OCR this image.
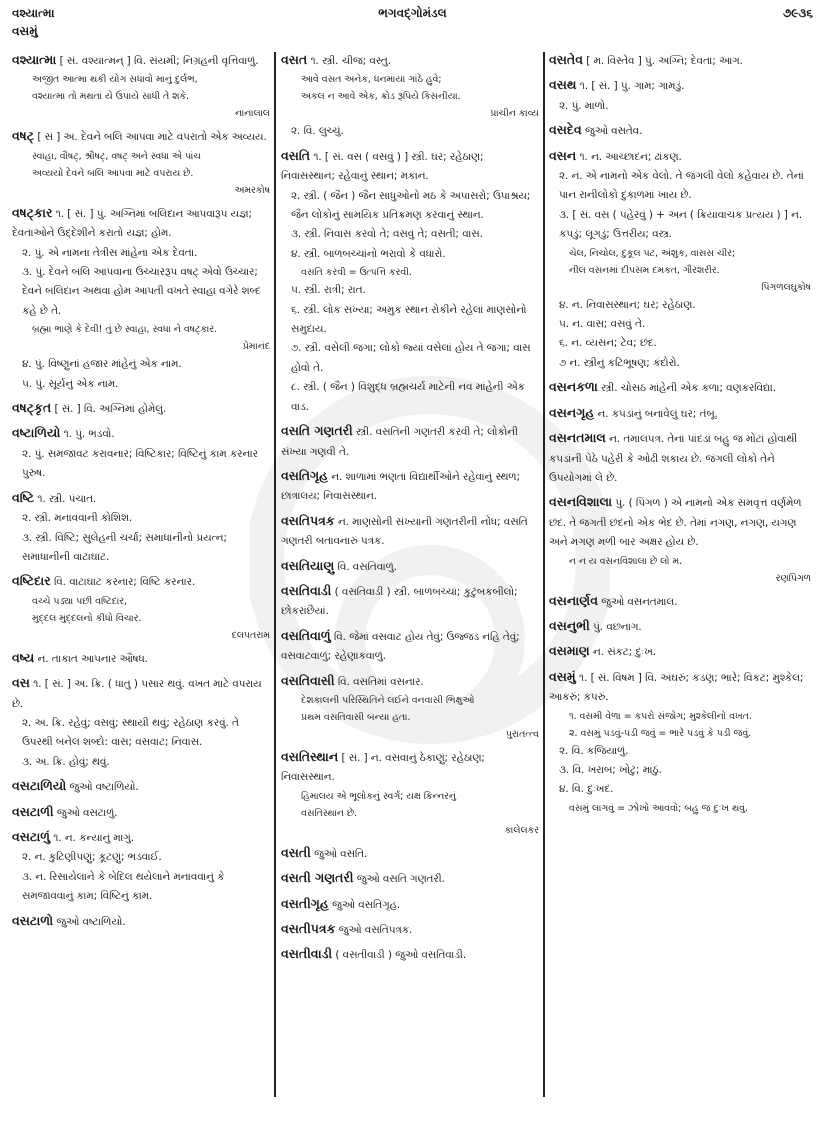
વશ્યાત્મા	ભગવદ્ગોમંડલ	૭૯૩૬
વસમું
વશ્યાત્મા [ સં. વશ્યાત્મન્ ] વિ. સંયમી; નિગ્રહની વૃત્તિવાળું.
અજીત આત્મા થકી યોગ સધાવો માનું દુર્લભ,
વશ્યાત્મા તો મથતાં યે ઉપાયે સાધી તે શકે.
નાનાલાલ
વષટ્ [ સં ] અ. દેવને બલિ આપવા માટે વપરાતો એક અવ્યય.
સ્વાહા, વૌષટ્, શ્રૌષટ્, વષટ્ અને સ્વધા એ પાંચ
અવ્યયો દેવને બલિ આપવા માટે વપરાય છે.
અમરકોષ
વષટ્કાર ૧. [ સં. ] પું. અગ્નિમાં બલિદાન આપવારૂપ યજ્ઞ; દેવતાઓને ઉદ્દેશીને કરાતો યજ્ઞ; હોમ.
૨. પું. એ નામના તેત્રીસ માંહેના એક દેવતા.
૩. પું. દેવને બલિ આપવાના ઉચ્ચારરૂપ વષટ્ એવો ઉચ્ચાર; દેવને બલિદાન અથવા હોમ આપતી વખતે સ્વાહા વગેરે શબ્દ કહે છે તે.
બ્રહ્મા ભાણે કે દેવી! તું છે સ્વાહા, સ્વધા ને વષટ્કાર.
પ્રેમાનંદ
૪. પું. વિષ્ણુનાં હજાર માંહેનું એક નામ.
૫. પું. સૂર્યનું એક નામ.
વષટ્કૃત [ સં. ] વિ. અગ્નિમાં હોમેલું.
વષ્ટાળિયો ૧. પું. ભડવો.
૨. પું. સમજાવટ કરાવનાર; વિષ્ટિકાર; વિષ્ટિનું કામ કરનાર પુરુષ.
વષ્ટિ ૧. સ્ત્રી. પંચાત.
૨. સ્ત્રી. મનાવવાની કોશિશ.
૩. સ્ત્રી. વિષ્ટિ; સુલેહની ચર્ચા; સમાધાનીનો પ્રયત્ન; સમાધાનીની વાટાઘાટ.
વષ્ટિદાર વિ. વાટાઘાટ કરનાર; વિષ્ટિ કરનાર.
વચ્ચે પડ્યા પછી વષ્ટિદાર,
મુદ્દલ મુદ્દલનો કીધો વિચાર.
દલપતરામ
વષ્ય ન. તાકાત આપનાર ઔષધ.
વસ ૧. [ સં. ] અ. ક્રિ. ( ધાતુ ) પસાર થવું. વખત માટે વપરાય છે.
૨. અ. ક્રિ. રહેવું; વસવું; સ્થાયી થવું; રહેઠાણ કરવું. તે ઉપરથી બનેલ શબ્દો: વાસ; વસવાટ; નિવાસ.
૩. અ. ક્રિ. હોવું; થવું.
વસટાળિયો જુઓ વષ્ટાળિયો.
વસટાળી જુઓ વસટાળું.
વસટાળું ૧. ન. કન્યાનું માગું.
૨. ન. કુટિણીપણું; કૂટણું; ભડવાઈ.
૩. ન. રિસાયેલાને કે બેદિલ થયેલાને મનાવવાનું કે સમજાવવાનું કામ; વિષ્ટિનું કામ.
વસટાળો જુઓ વષ્ટાળિયો.
વસત ૧. સ્ત્રી. ચીજ; વસ્તુ.
આવે વસત અનેક, ધનમાયા ગાંઠે હુવે;
અકલ ન આવે એક, ક્રોડ રૂપિયે કિસનીયા.
પ્રાચીન કાવ્ય
૨. વિ. લુચ્ચું.
વસતિ ૧. [ સં. વસ ( વસવું ) ] સ્ત્રી. ઘર; રહેઠાણ; નિવાસસ્થાન; રહેવાનું સ્થાન; મકાન.
૨. સ્ત્રી. ( જૈન ) જૈન સાધુઓનો મઠ કે અપાસરો; ઉપાશ્રય; જૈન લોકોનું સામયિક પ્રતિક્રમણ કરવાનું સ્થાન.
૩. સ્ત્રી. નિવાસ કરવો તે; વસવું તે; વસતી; વાસ.
૪. સ્ત્રી. બાળબચ્ચાંનો ભરાવો કે વધારો.
વસતિ કરવી = ઉત્પત્તિ કરવી.
૫. સ્ત્રી. રાત્રી; રાત.
૬. સ્ત્રી. લોક સંખ્યા; અમુક સ્થાન રોકીને રહેલાં માણસોનો સમુદાય.
૭. સ્ત્રી. વસેલી જગા; લોકો જ્યાં વસેલાં હોય તે જગા; વાસ હોવો તે.
૮. સ્ત્રી. ( જૈન ) વિશુદ્ધ બ્રહ્મચર્ય માટેની નવ માંહેની એક વાડ.
વસતિ ગણતરી સ્ત્રી. વસતિની ગણતરી કરવી તે; લોકોની સંખ્યા ગણવી તે.
વસતિગૃહ ન. શાળામાં ભણતા વિદ્યાર્થીઓને રહેવાનું સ્થળ; છાત્રાલય; નિવાસસ્થાન.
વસતિપત્રક ન. માણસોની સંખ્યાની ગણતરીની નોંધ; વસતિ ગણતરી બતાવનારું પત્રક.
વસતિયાણુ વિ. વસતિવાળું.
વસતિવાડી ( વસતિવાડી ) સ્ત્રી. બાળબચ્ચાં; કુટુંબકબીલો; છોકરાંછૈયાં.
વસતિવાળું વિ. જેમાં વસવાટ હોય તેવું; ઉજ્જડ નહિ તેવું; વસવાટવાળું; રહેણાકવાળું.
વસતિવાસી વિ. વસતિમાં વસનાર.
દેશકાલની પરિસ્થિતિને લઈને વનવાસી ભિક્ષુઓ
પ્રથમ વસતિવાસી બન્યા હતા.
પુરાતત્ત્વ
વસતિસ્થાન [ સં. ] ન. વસવાનું ઠેકાણું; રહેઠાણ; નિવાસસ્થાન.
હિમાલય એ ભૂલોકનું સ્વર્ગ; યક્ષ કિન્નરનું
વસતિસ્થાન છે.
કાલેલકર
વસતી જુઓ વસતિ.
વસતી ગણતરી જુઓ વસતિ ગણતરી.
વસતીગૃહ જુઓ વસતિગૃહ.
વસતીપત્રક જુઓ વસતિપત્રક.
વસતીવાડી ( વસતીવાડી ) જુઓ વસતિવાડી.
વસતેવ [ મ. વિસ્તેવ ] પું. અગ્નિ; દેવતા; આગ.
વસથ ૧. [ સં. ] પું. ગામ; ગામડું.
૨. પું. માળો.
વસદેવ જુઓ વસતેવ.
વસન ૧. ન. આચ્છાદન; ઢાંકણ.
૨. ન. એ નામનો એક વેલો. તે જંગલી વેલો કહેવાય છે. તેનાં પાન રાનીલોકો દુકાળમાં ખાય છે.
૩. [ સં. વસ ( પહેરવું ) + અન ( ક્રિયાવાચક પ્રત્યય ) ] ન. કપડું; લૂગડું; ઉત્તરીય; વસ્ત્ર.
ચેલ, નિચોલ, દુકૂલ પટ, અંશુક, વાસસ ચીર;
નીલ વસનમાં દીપસમ દમકત, ગૌરશરીર.
પિંગળલઘુકોષ
૪. ન. નિવાસસ્થાન; ઘર; રહેઠાણ.
૫. ન. વાસ; વસવું તે.
૬. ન. વ્યસન; ટેવ; છંદ.
૭ ન. સ્ત્રીનું કટિભૂષણ; કંદોરો.
વસનકળા સ્ત્રી. ચોસઠ માંહેની એક કળા; વણકરવિદ્યા.
વસનગૃહ ન. કપડાંનું બનાવેલું ઘર; તંબૂ.
વસનતમાલ ન. તમાલપત્ર. તેનાં પાંદડાં બહુ જ મોટાં હોવાથી કપડાંની પેઠે પહેરી કે ઓઢી શકાય છે. જંગલી લોકો તેને ઉપયોગમાં લે છે.
વસનવિશાલા પું. ( પિંગળ ) એ નામનો એક સમવૃત્ત વર્ણમેળ છંદ. તે જગતી છંદનો એક ભેદ છે. તેમાં નગણ, નગણ, યગણ અને મગણ મળી બાર અક્ષર હોય છે.
ન ન ય વસનવિશાલા છે લો મ.
રણપિંગળ
વસનાર્ણવ જુઓ વસનતમાલ.
વસનુભી પું. વછનાગ.
વસમાણ ન. સંકટ; દુઃખ.
વસમું ૧. [ સં. વિષમ ] વિ. અઘરું; કડણ; ભારે; વિકટ; મુશ્કેલ; આકરું; કપરું.
૧. વસમી વેળા = કપરો સંજોગ; મુશ્કેલીનો વખત.
૨. વસમું પડવું-પડી જવું = ભારે પડવું કે પડી જવું.
૨. વિ. કજિયાળું.
૩. વિ. ખરાબ; ખોટું; માઠું.
૪. વિ. દુઃખદ.
વસમું લાગવું = ઝોખો આવવો; બહુ જ દુઃખ થવું.
